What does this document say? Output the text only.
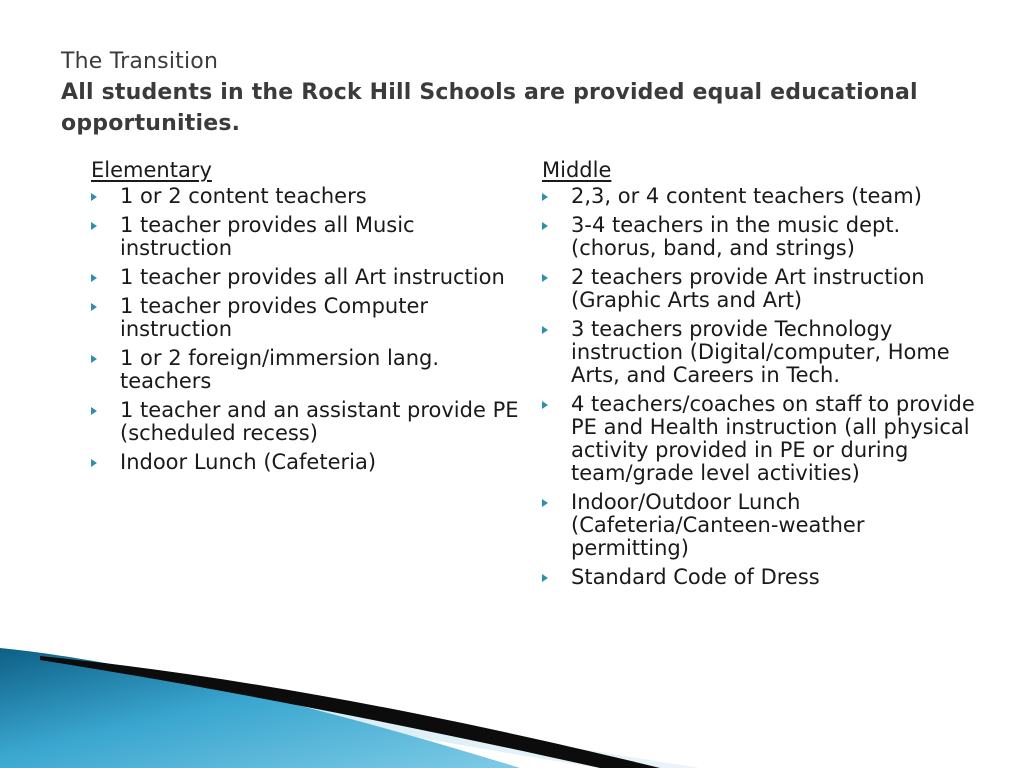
The Transition
All students in the Rock Hill Schools are provided equal educational opportunities.
Elementary
1 or 2 content teachers
1 teacher provides all Music instruction
1 teacher provides all Art instruction
1 teacher provides Computer instruction
1 or 2 foreign/immersion lang. teachers
1 teacher and an assistant provide PE (scheduled recess)
Indoor Lunch (Cafeteria)
Middle
2,3, or 4 content teachers (team)
3-4 teachers in the music dept. (chorus, band, and strings)
2 teachers provide Art instruction (Graphic Arts and Art)
3 teachers provide Technology instruction (Digital/computer, Home Arts, and Careers in Tech.
4 teachers/coaches on staff to provide PE and Health instruction (all physical activity provided in PE or during team/grade level activities)
Indoor/Outdoor Lunch (Cafeteria/Canteen-weather permitting)
Standard Code of Dress
